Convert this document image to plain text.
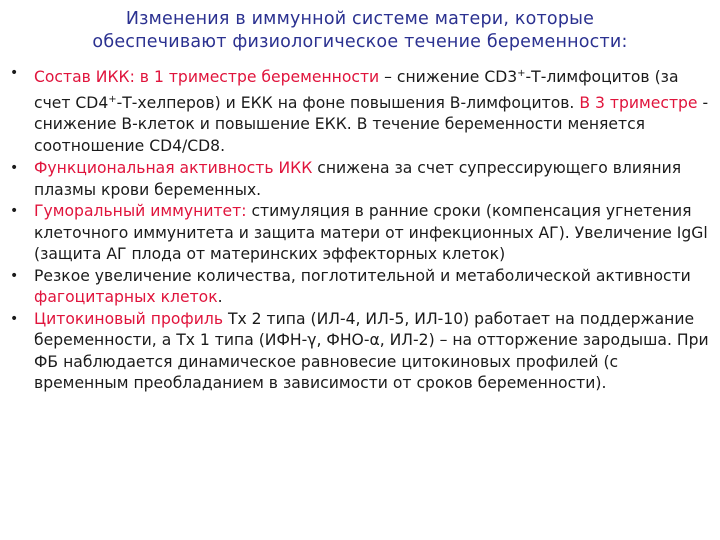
Изменения в иммунной системе матери, которые
обеспечивают физиологическое течение беременности:
• Состав ИКК: в 1 триместре беременности – снижение CD3+-Т-лимфоцитов (за счет CD4+-Т-хелперов) и ЕКК на фоне повышения В-лимфоцитов. В 3 триместре - снижение В-клеток и повышение ЕКК. В течение беременности меняется соотношение CD4/CD8.
• Функциональная активность ИКК снижена за счет супрессирующего влияния плазмы крови беременных.
• Гуморальный иммунитет: стимуляция в ранние сроки (компенсация угнетения клеточного иммунитета и защита матери от инфекционных АГ). Увеличение IgGl (защита АГ плода от материнских эффекторных клеток)
• Резкое увеличение количества, поглотительной и метаболической активности фагоцитарных клеток.
• Цитокиновый профиль Тх 2 типа (ИЛ-4, ИЛ-5, ИЛ-10) работает на поддержание беременности, а Тх 1 типа (ИФН-γ, ФНО-α, ИЛ-2) – на отторжение зародыша. При ФБ наблюдается динамическое равновесие цитокиновых профилей (с временным преобладанием в зависимости от сроков беременности).
